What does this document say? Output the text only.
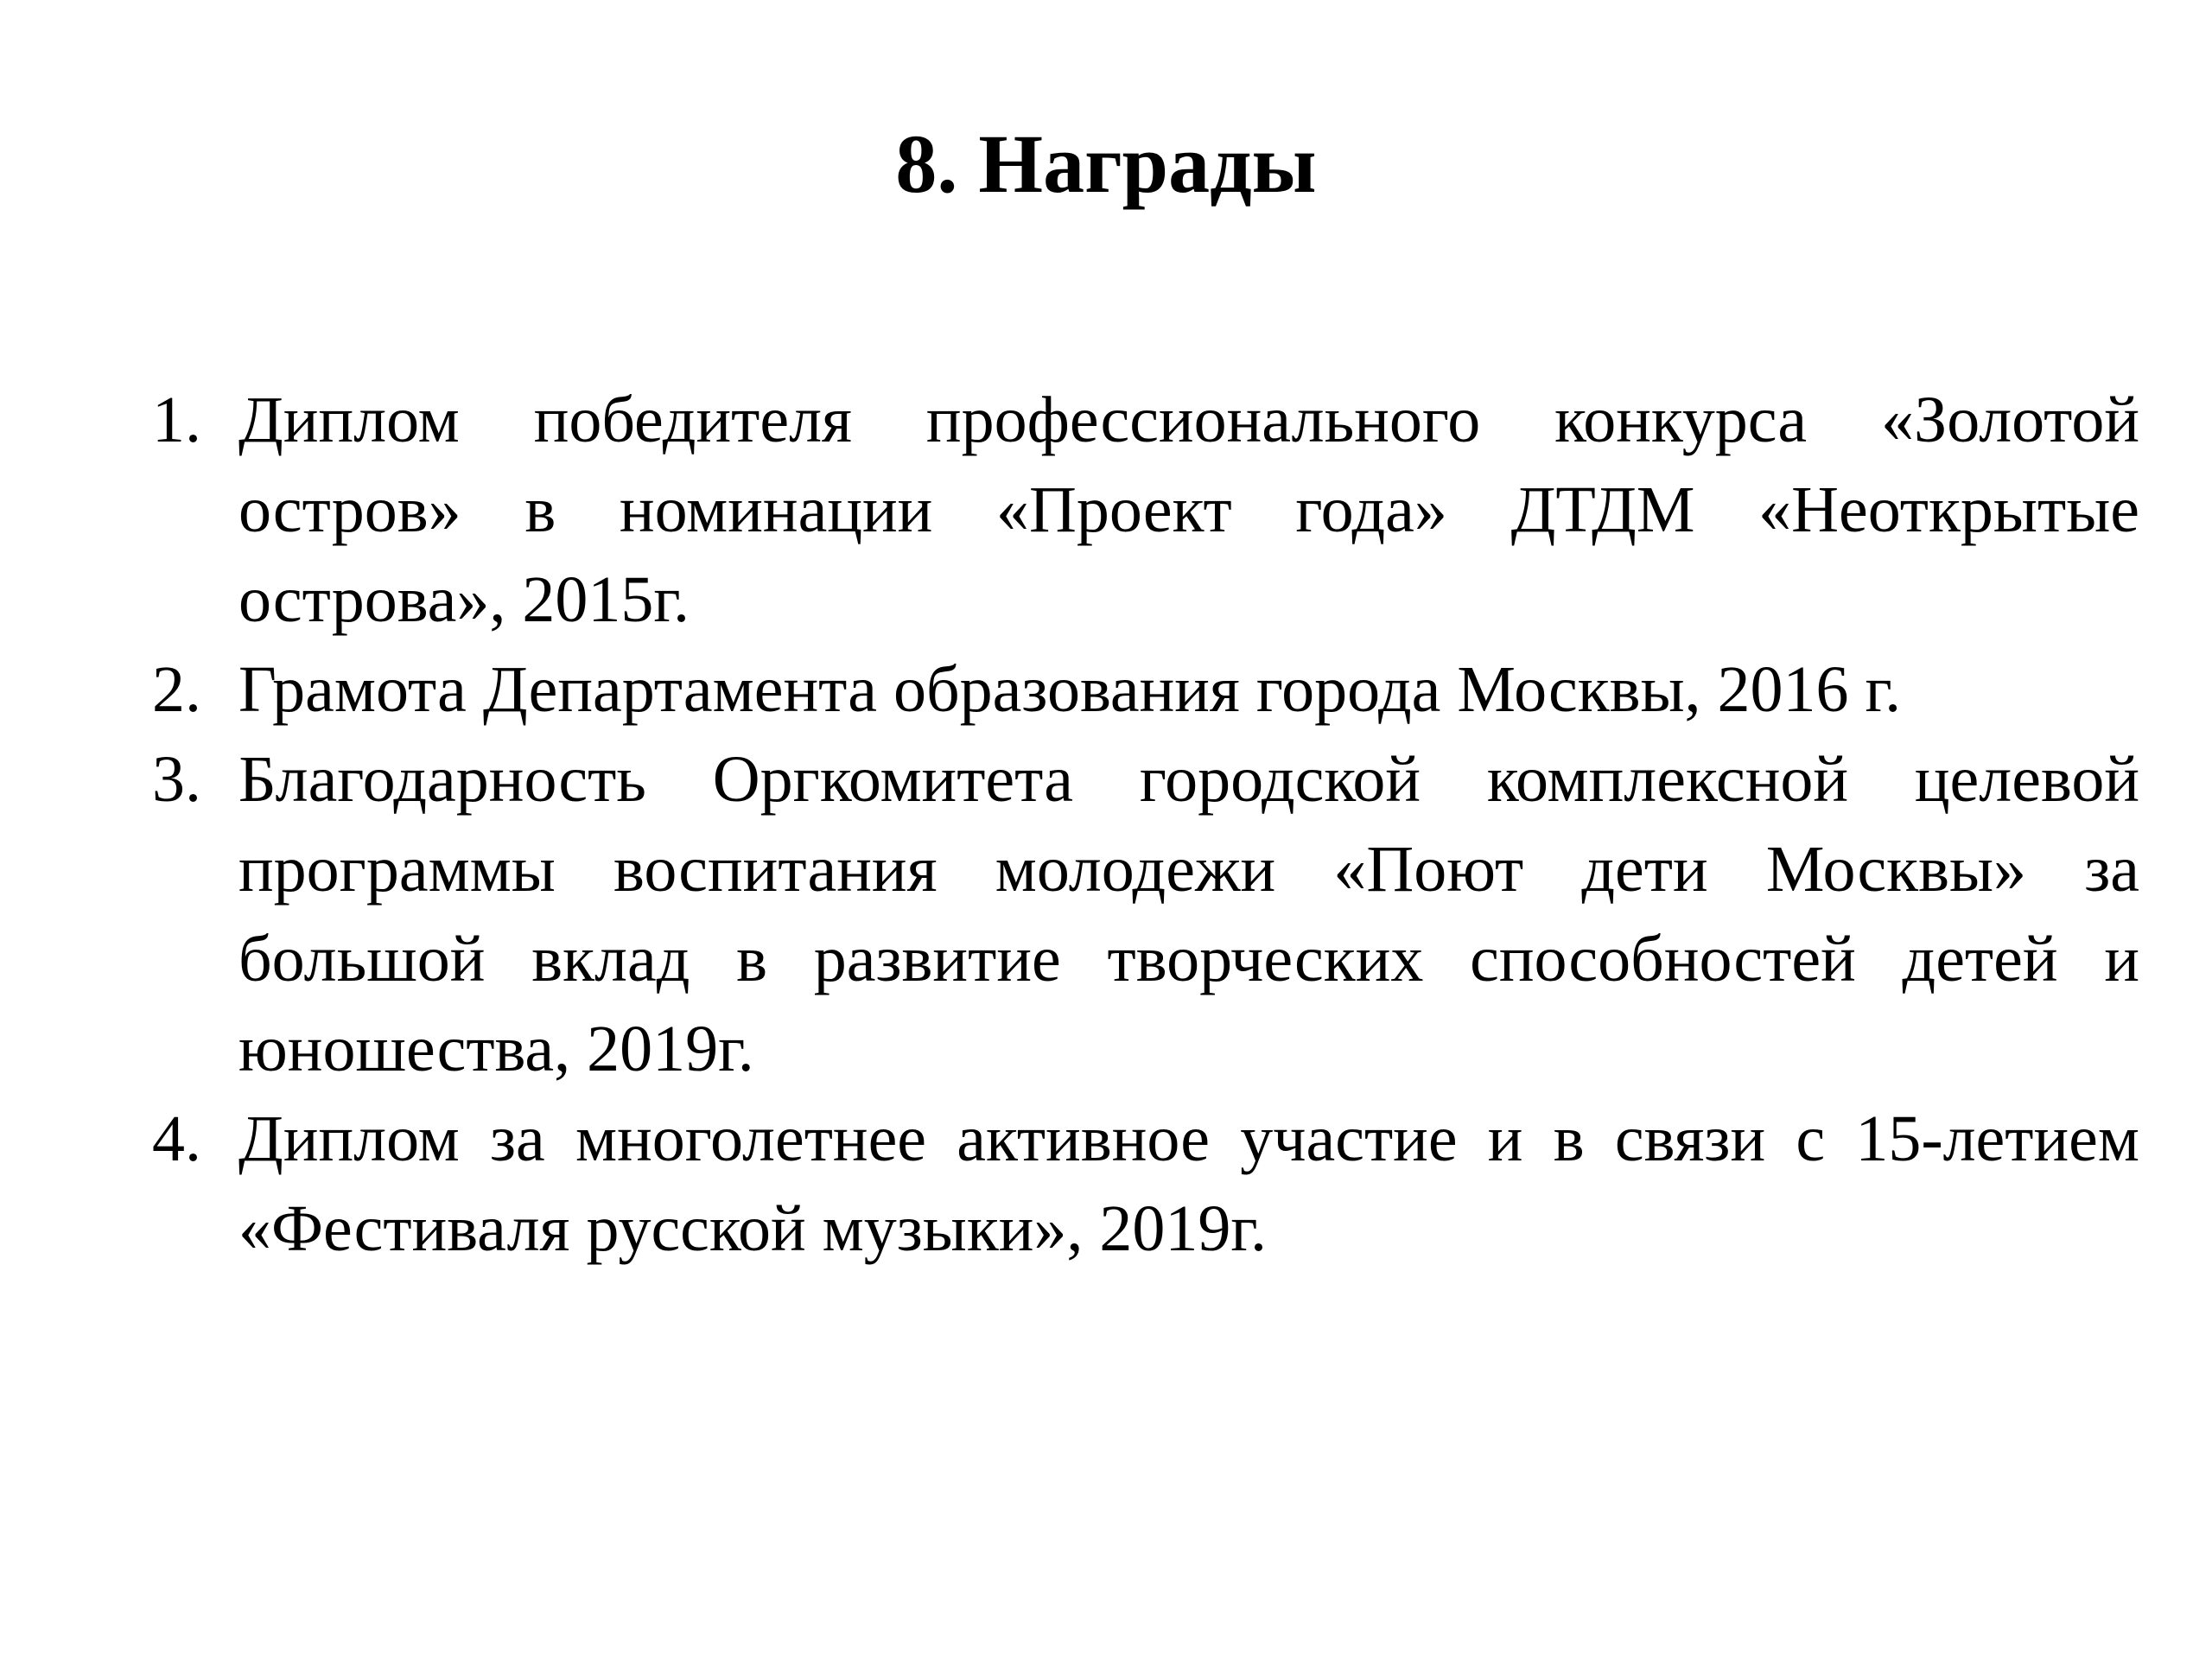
8. Награды
1. Диплом победителя профессионального конкурса «Золотой остров» в номинации «Проект года» ДТДМ «Неоткрытые острова», 2015г.
2. Грамота Департамента образования города Москвы, 2016 г.
3. Благодарность Оргкомитета городской комплексной целевой программы воспитания молодежи «Поют дети Москвы» за большой вклад в развитие творческих способностей детей и юношества, 2019г.
4. Диплом за многолетнее активное участие и в связи с 15-летием «Фестиваля русской музыки», 2019г.
